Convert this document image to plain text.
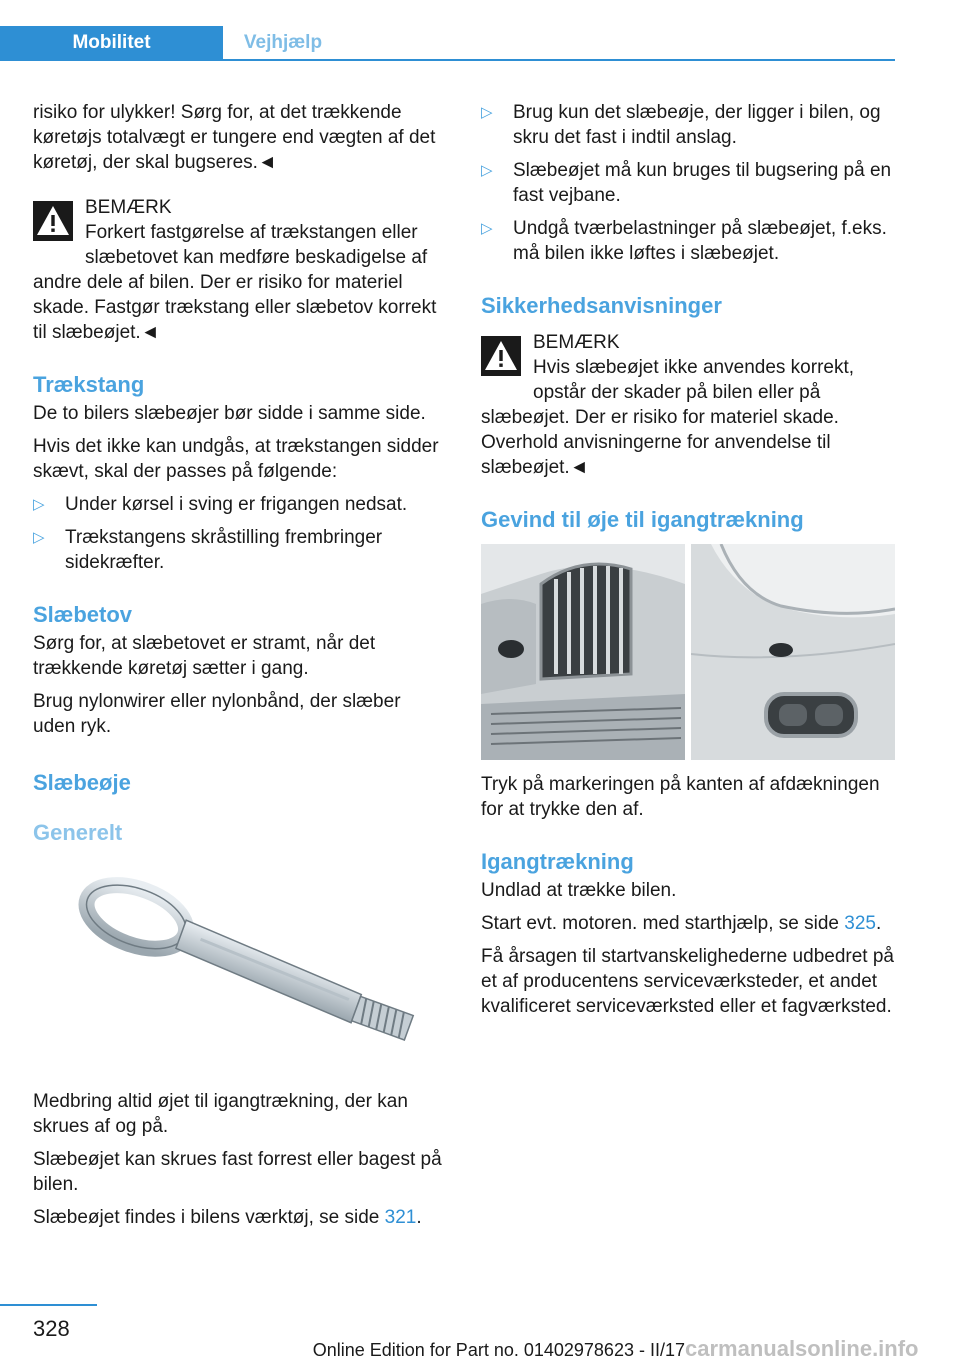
Mobilitet	Vejhjælp

risiko for ulykker! Sørg for, at det trækkende køretøjs totalvægt er tungere end vægten af det køretøj, der skal bugseres.◄

BEMÆRK
Forkert fastgørelse af trækstangen eller slæbetovet kan medføre beskadigelse af andre dele af bilen. Der er risiko for materiel skade. Fastgør trækstang eller slæbetov korrekt til slæbeøjet.◄
Trækstang

De to bilers slæbeøjer bør sidde i samme side.

Hvis det ikke kan undgås, at trækstangen sidder skævt, skal der passes på følgende:

▷ Under kørsel i sving er frigangen nedsat.
▷ Trækstangens skråstilling frembringer sidekræfter.
Slæbetov

Sørg for, at slæbetovet er stramt, når det trækkende køretøj sætter i gang.

Brug nylonwirer eller nylonbånd, der slæber uden ryk.

Slæbeøje
Generelt

Medbring altid øjet til igangtrækning, der kan skrues af og på.

Slæbeøjet kan skrues fast forrest eller bagest på bilen.

Slæbeøjet findes i bilens værktøj, se side 321.

▷ Brug kun det slæbeøje, der ligger i bilen, og skru det fast i indtil anslag.
▷ Slæbeøjet må kun bruges til bugsering på en fast vejbane.
▷ Undgå tværbelastninger på slæbeøjet, f.eks. må bilen ikke løftes i slæbeøjet.
Sikkerhedsanvisninger
BEMÆRK
Hvis slæbeøjet ikke anvendes korrekt, opstår der skader på bilen eller på slæbeøjet. Der er risiko for materiel skade. Overhold anvisningerne for anvendelse til slæbeøjet.◄
Gevind til øje til igangtrækning

Tryk på markeringen på kanten af afdækningen for at trykke den af.

Igangtrækning

Undlad at trække bilen.

Start evt. motoren. med starthjælp, se side 325.

Få årsagen til startvanskelighederne udbedret på et af producentens serviceværksteder, et andet kvalificeret serviceværksted eller et fagværksted.

328
Online Edition for Part no. 01402978623 - II/17 carmanualsonline.info
